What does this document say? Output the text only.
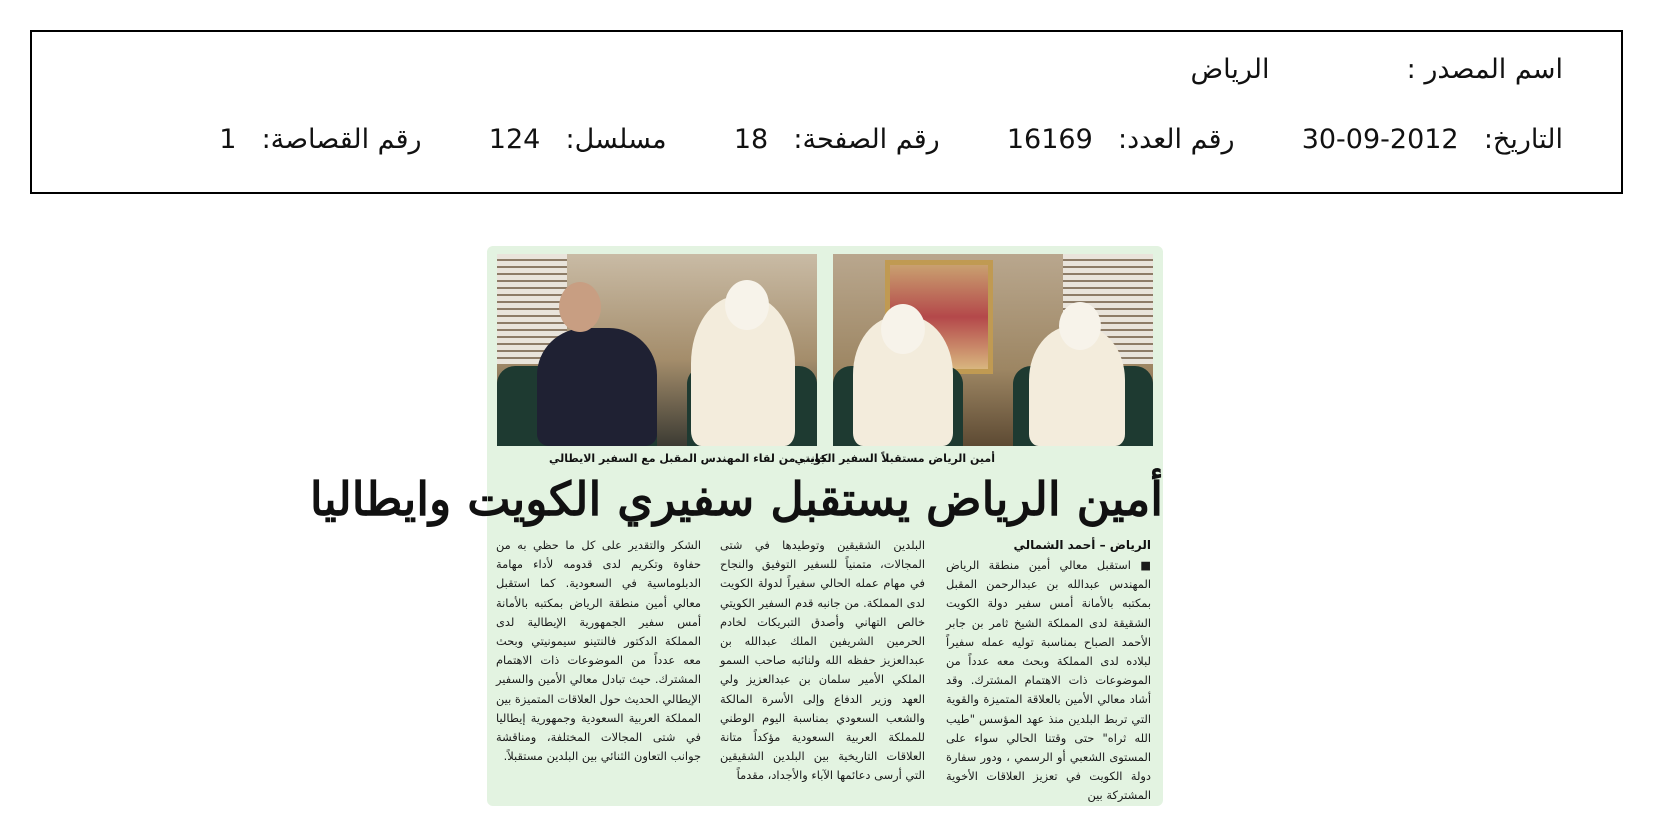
اسم المصدر :  الرياض
التاريخ:  30-09-2012  رقم العدد:  16169  رقم الصفحة:  18  مسلسل:  124  رقم القصاصة:  1
أمين الرياض مستقبلاً السفير الكويتي
جانب من لقاء المهندس المقبل مع السفير الايطالي
أمين الرياض يستقبل سفيري الكويت وايطاليا
الرياض – أحمد الشمالي

■ استقبل معالي أمين منطقة الرياض المهندس عبدالله بن عبدالرحمن المقبل بمكتبه بالأمانة أمس سفير دولة الكويت الشقيقة لدى المملكة الشيخ ثامر بن جابر الأحمد الصباح بمناسبة توليه عمله سفيراً لبلاده لدى المملكة وبحث معه عدداً من الموضوعات ذات الاهتمام المشترك. وقد أشاد معالي الأمين بالعلاقة المتميزة والقوية التي تربط البلدين منذ عهد المؤسس "طيب الله ثراه" حتى وقتنا الحالي سواء على المستوى الشعبي أو الرسمي ، ودور سفارة دولة الكويت في تعزيز العلاقات الأخوية المشتركة بين

البلدين الشقيقين وتوطيدها في شتى المجالات، متمنياً للسفير التوفيق والنجاح في مهام عمله الحالي سفيراً لدولة الكويت لدى المملكة. من جانبه قدم السفير الكويتي خالص التهاني وأصدق التبريكات لخادم الحرمين الشريفين الملك عبدالله بن عبدالعزيز حفظه الله ولنائبه صاحب السمو الملكي الأمير سلمان بن عبدالعزيز ولي العهد وزير الدفاع وإلى الأسرة المالكة والشعب السعودي بمناسبة اليوم الوطني للمملكة العربية السعودية مؤكداً متانة العلاقات التاريخية بين البلدين الشقيقين التي أرسى دعائمها الآباء والأجداد، مقدماً

الشكر والتقدير على كل ما حظي به من حفاوة وتكريم لدى قدومه لأداء مهامة الدبلوماسية في السعودية. كما استقبل معالي أمين منطقة الرياض بمكتبه بالأمانة أمس سفير الجمهورية الإيطالية لدى المملكة الدكتور فالنتينو سيمونيتي وبحث معه عدداً من الموضوعات ذات الاهتمام المشترك. حيث تبادل معالي الأمين والسفير الإيطالي الحديث حول العلاقات المتميزة بين المملكة العربية السعودية وجمهورية إيطاليا في شتى المجالات المختلفة، ومناقشة جوانب التعاون الثنائي بين البلدين مستقبلاً.
